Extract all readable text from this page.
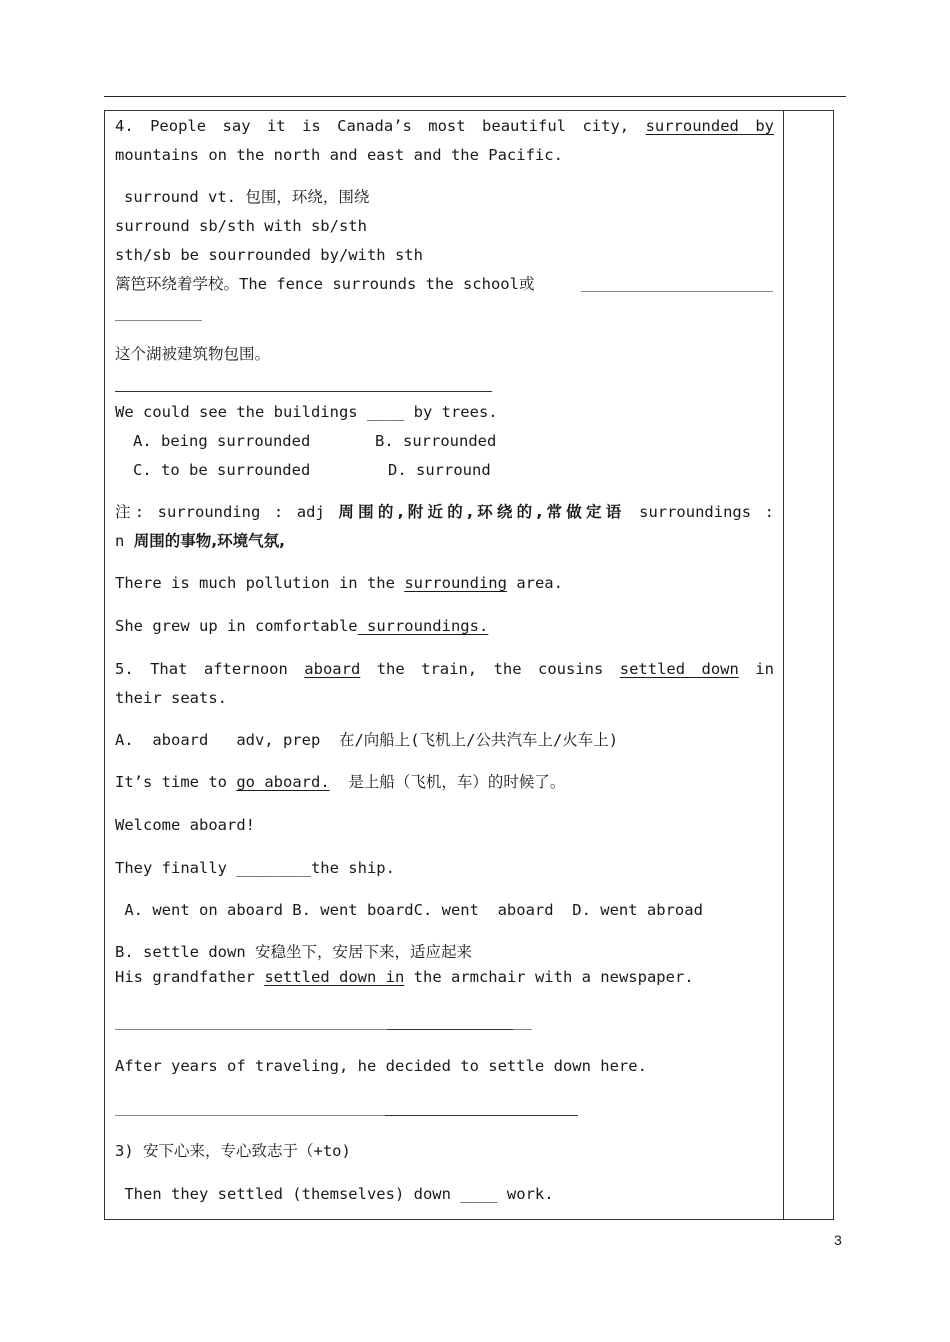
4. People say it is Canada’s most beautiful city, surrounded by
mountains on the north and east and the Pacific.
surround vt. 包围，环绕，围绕
surround sb/sth with sb/sth
sth/sb be sourrounded by/with sth
篱笆环绕着学校。The fence surrounds the school或
这个湖被建筑物包围。
We could see the buildings ____ by trees.
A. being surrounded	B. surrounded
C. to be surrounded	D. surround
注: surrounding : adj 周围的,附近的,环绕的,常做定语 surroundings :
n 周围的事物,环境气氛,
There is much pollution in the surrounding area.
She grew up in comfortable surroundings.
5. That afternoon aboard the train, the cousins settled down in
their seats.
A.  aboard   adv, prep  在/向船上(飞机上/公共汽车上/火车上)
It’s time to go aboard. 是上船（飞机，车）的时候了。
Welcome aboard!
They finally ________the ship.
A. went on aboard B. went boardC. went  aboard  D. went abroad
B. settle down 安稳坐下，安居下来，适应起来
His grandfather settled down in the armchair with a newspaper.
After years of traveling, he decided to settle down here.
3) 安下心来，专心致志于（+to)
Then they settled (themselves) down ____ work.
3
